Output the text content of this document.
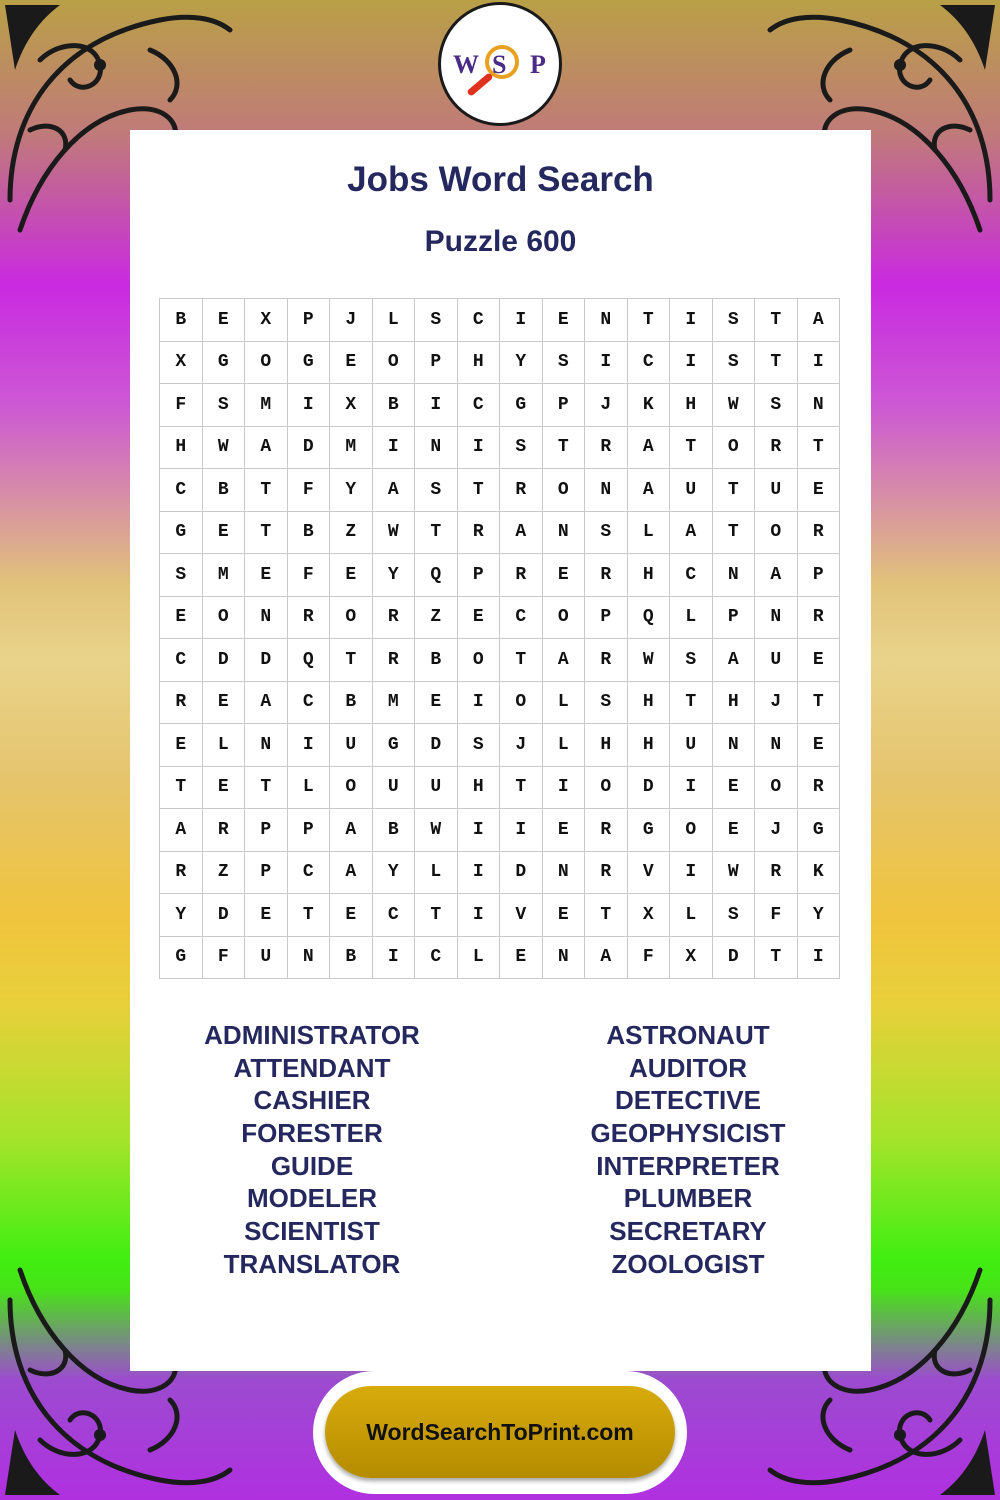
W S P
Jobs Word Search
Puzzle 600
B	E	X	P	J	L	S	C	I	E	N	T	I	S	T	A
X	G	O	G	E	O	P	H	Y	S	I	C	I	S	T	I
F	S	M	I	X	B	I	C	G	P	J	K	H	W	S	N
H	W	A	D	M	I	N	I	S	T	R	A	T	O	R	T
C	B	T	F	Y	A	S	T	R	O	N	A	U	T	U	E
G	E	T	B	Z	W	T	R	A	N	S	L	A	T	O	R
S	M	E	F	E	Y	Q	P	R	E	R	H	C	N	A	P
E	O	N	R	O	R	Z	E	C	O	P	Q	L	P	N	R
C	D	D	Q	T	R	B	O	T	A	R	W	S	A	U	E
R	E	A	C	B	M	E	I	O	L	S	H	T	H	J	T
E	L	N	I	U	G	D	S	J	L	H	H	U	N	N	E
T	E	T	L	O	U	U	H	T	I	O	D	I	E	O	R
A	R	P	P	A	B	W	I	I	E	R	G	O	E	J	G
R	Z	P	C	A	Y	L	I	D	N	R	V	I	W	R	K
Y	D	E	T	E	C	T	I	V	E	T	X	L	S	F	Y
G	F	U	N	B	I	C	L	E	N	A	F	X	D	T	I
ADMINISTRATOR
ATTENDANT
CASHIER
FORESTER
GUIDE
MODELER
SCIENTIST
TRANSLATOR
ASTRONAUT
AUDITOR
DETECTIVE
GEOPHYSICIST
INTERPRETER
PLUMBER
SECRETARY
ZOOLOGIST
WordSearchToPrint.com
